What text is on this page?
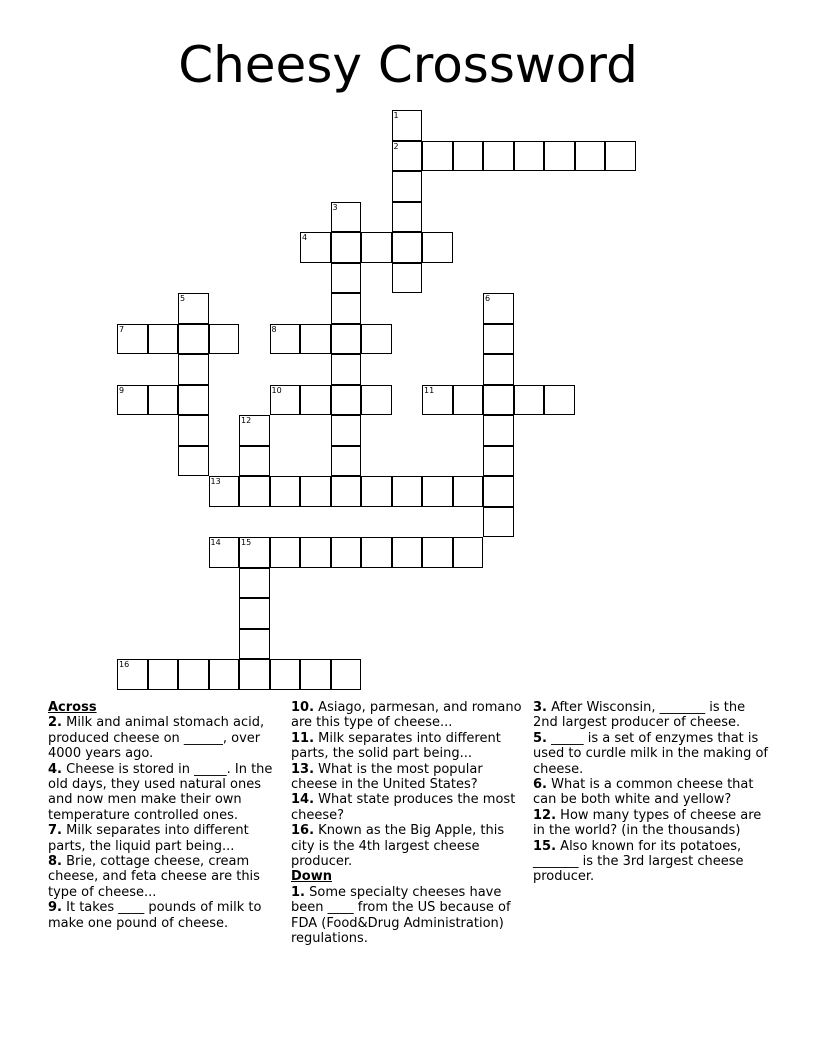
Cheesy Crossword
1
2
3
4
5	6
7	8
9	10	11
12
13
14	15
16

Across

2. Milk and animal stomach acid, produced cheese on ______, over 4000 years ago.

4. Cheese is stored in _____. In the old days, they used natural ones and now men make their own temperature controlled ones.

7. Milk separates into different parts, the liquid part being...

8. Brie, cottage cheese, cream cheese, and feta cheese are this type of cheese...

9. It takes ____ pounds of milk to make one pound of cheese.

10. Asiago, parmesan, and romano are this type of cheese...

11. Milk separates into different parts, the solid part being...

13. What is the most popular cheese in the United States?

14. What state produces the most cheese?

16. Known as the Big Apple, this city is the 4th largest cheese producer.

Down

1. Some specialty cheeses have been ____ from the US because of FDA (Food&Drug Administration) regulations.

3. After Wisconsin, _______ is the 2nd largest producer of cheese.

5. _____ is a set of enzymes that is used to curdle milk in the making of cheese.

6. What is a common cheese that can be both white and yellow?

12. How many types of cheese are in the world? (in the thousands)

15. Also known for its potatoes, _______ is the 3rd largest cheese producer.
